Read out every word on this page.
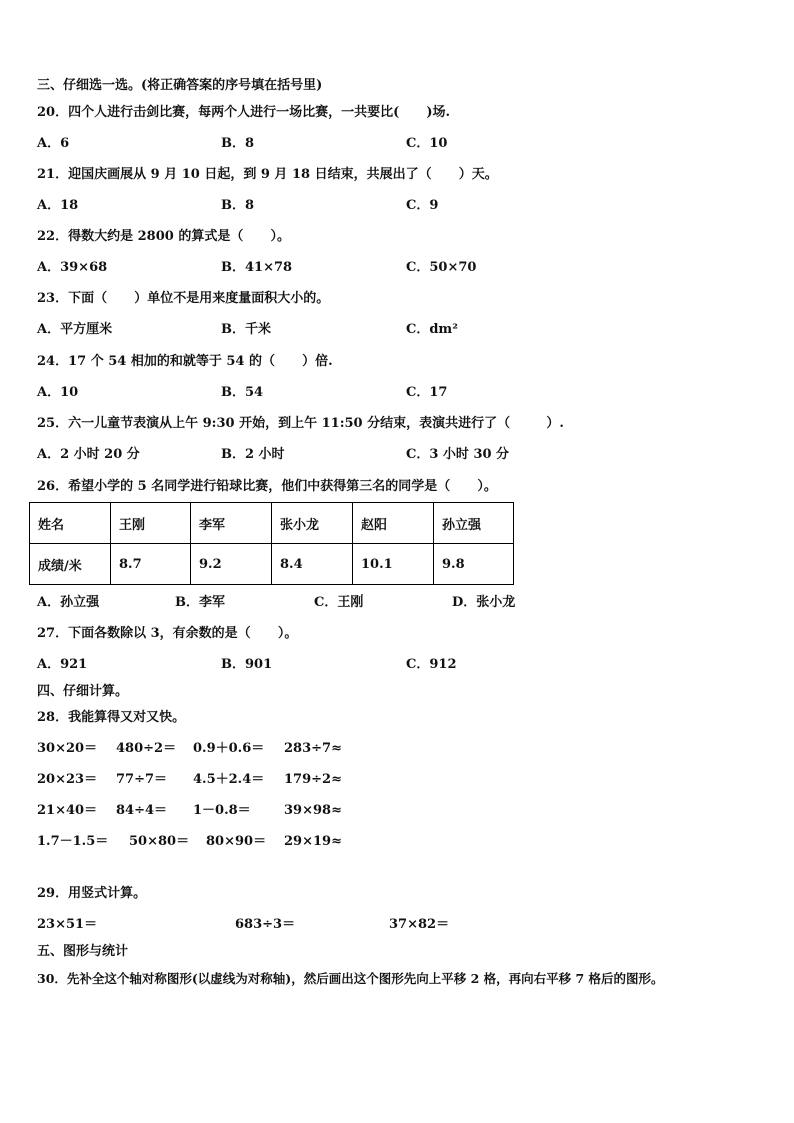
三、仔细选一选。(将正确答案的序号填在括号里)
20．四个人进行击剑比赛，每两个人进行一场比赛，一共要比(      )场.
A．6	B．8	C．10
21．迎国庆画展从 9 月 10 日起，到 9 月 18 日结束，共展出了（      ）天。
A．18	B．8	C．9
22．得数大约是 2800 的算式是（      ）。
A．39×68	B．41×78	C．50×70
23．下面（      ）单位不是用来度量面积大小的。
A．平方厘米	B．千米	C．dm²
24．17 个 54 相加的和就等于 54 的（      ）倍.
A．10	B．54	C．17
25．六一儿童节表演从上午 9:30 开始，到上午 11:50 分结束，表演共进行了（        ）.
A．2 小时 20 分	B．2 小时	C．3 小时 30 分
26．希望小学的 5 名同学进行铅球比赛，他们中获得第三名的同学是（      ）。
姓名	王刚	李军	张小龙	赵阳	孙立强
成绩/米	8.7	9.2	8.4	10.1	9.8
A．孙立强	B．李军	C．王刚	D．张小龙
27．下面各数除以 3，有余数的是（      ）。
A．921	B．901	C．912
四、仔细计算。
28．我能算得又对又快。
30×20＝ 480÷2＝ 0.9＋0.6＝ 283÷7≈
20×23＝ 77÷7＝ 4.5＋2.4＝ 179÷2≈
21×40＝ 84÷4＝ 1－0.8＝	39×98≈
1.7－1.5＝ 50×80＝ 80×90＝ 29×19≈
29．用竖式计算。
23×51＝	683÷3＝	37×82＝
五、图形与统计
30．先补全这个轴对称图形(以虚线为对称轴)，然后画出这个图形先向上平移 2 格，再向右平移 7 格后的图形。
